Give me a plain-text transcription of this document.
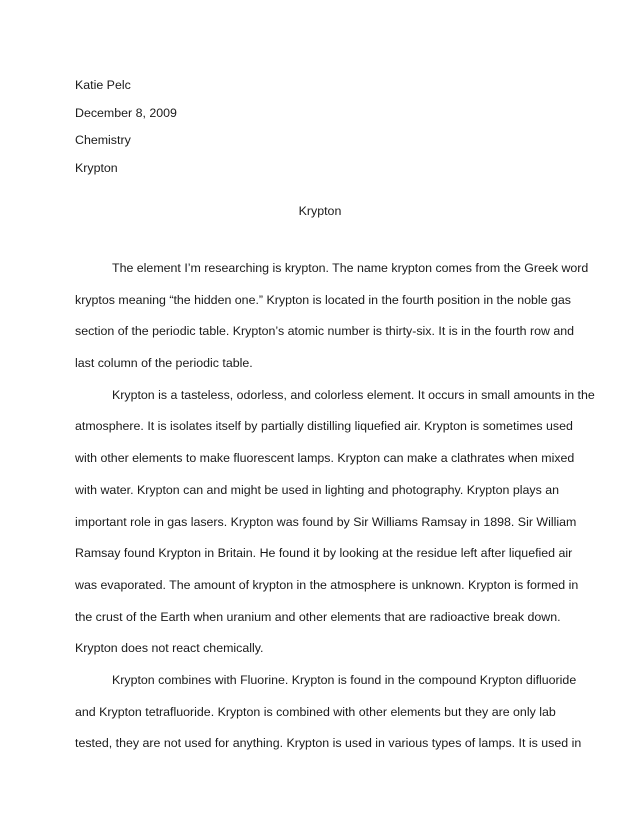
Katie Pelc
December 8, 2009
Chemistry
Krypton
Krypton

The element I’m researching is krypton. The name krypton comes from the Greek word
kryptos meaning “the hidden one.” Krypton is located in the fourth position in the noble gas
section of the periodic table. Krypton’s atomic number is thirty-six. It is in the fourth row and
last column of the periodic table.

Krypton is a tasteless, odorless, and colorless element. It occurs in small amounts in the
atmosphere. It is isolates itself by partially distilling liquefied air. Krypton is sometimes used
with other elements to make fluorescent lamps. Krypton can make a clathrates when mixed
with water. Krypton can and might be used in lighting and photography. Krypton plays an
important role in gas lasers. Krypton was found by Sir Williams Ramsay in 1898. Sir William
Ramsay found Krypton in Britain. He found it by looking at the residue left after liquefied air
was evaporated. The amount of krypton in the atmosphere is unknown. Krypton is formed in
the crust of the Earth when uranium and other elements that are radioactive break down.
Krypton does not react chemically.

Krypton combines with Fluorine. Krypton is found in the compound Krypton difluoride
and Krypton tetrafluoride. Krypton is combined with other elements but they are only lab
tested, they are not used for anything. Krypton is used in various types of lamps. It is used in
